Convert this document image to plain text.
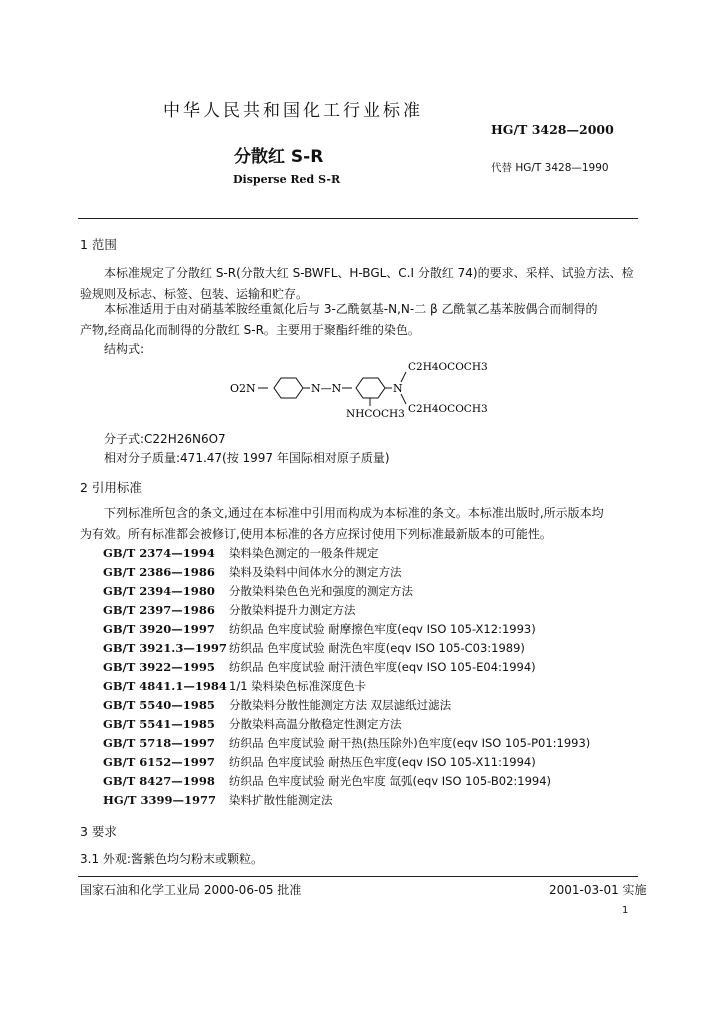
中华人民共和国化工行业标准
HG/T 3428—2000
分散红 S-R
Disperse Red S-R
代替 HG/T 3428—1990
1 范围
本标准规定了分散红 S-R(分散大红 S-BWFL、H-BGL、C.I 分散红 74)的要求、采样、试验方法、检
验规则及标志、标签、包装、运输和贮存。
本标准适用于由对硝基苯胺经重氮化后与 3-乙酰氨基-N,N-二 β 乙酰氧乙基苯胺偶合而制得的
产物,经商品化而制得的分散红 S-R。主要用于聚酯纤维的染色。
结构式:
O2N	N—N	N
C2H4OCOCH3
C2H4OCOCH3
NHCOCH3
分子式:C22H26N6O7
相对分子质量:471.47(按 1997 年国际相对原子质量)
2 引用标准
下列标准所包含的条文,通过在本标准中引用而构成为本标准的条文。本标准出版时,所示版本均
为有效。所有标准都会被修订,使用本标准的各方应探讨使用下列标准最新版本的可能性。
GB/T 2374—1994 染料染色测定的一般条件规定
GB/T 2386—1986 染料及染料中间体水分的测定方法
GB/T 2394—1980 分散染料染色色光和强度的测定方法
GB/T 2397—1986 分散染料提升力测定方法
GB/T 3920—1997 纺织品 色牢度试验 耐摩擦色牢度(eqv ISO 105-X12:1993)
GB/T 3921.3—1997 纺织品 色牢度试验 耐洗色牢度(eqv ISO 105-C03:1989)
GB/T 3922—1995 纺织品 色牢度试验 耐汗渍色牢度(eqv ISO 105-E04:1994)
GB/T 4841.1—1984 1/1 染料染色标准深度色卡
GB/T 5540—1985 分散染料分散性能测定方法 双层滤纸过滤法
GB/T 5541—1985 分散染料高温分散稳定性测定方法
GB/T 5718—1997 纺织品 色牢度试验 耐干热(热压除外)色牢度(eqv ISO 105-P01:1993)
GB/T 6152—1997 纺织品 色牢度试验 耐热压色牢度(eqv ISO 105-X11:1994)
GB/T 8427—1998 纺织品 色牢度试验 耐光色牢度 氙弧(eqv ISO 105-B02:1994)
HG/T 3399—1977 染料扩散性能测定法
3 要求
3.1 外观:酱紫色均匀粉末或颗粒。
国家石油和化学工业局 2000-06-05 批准	2001-03-01 实施
1
